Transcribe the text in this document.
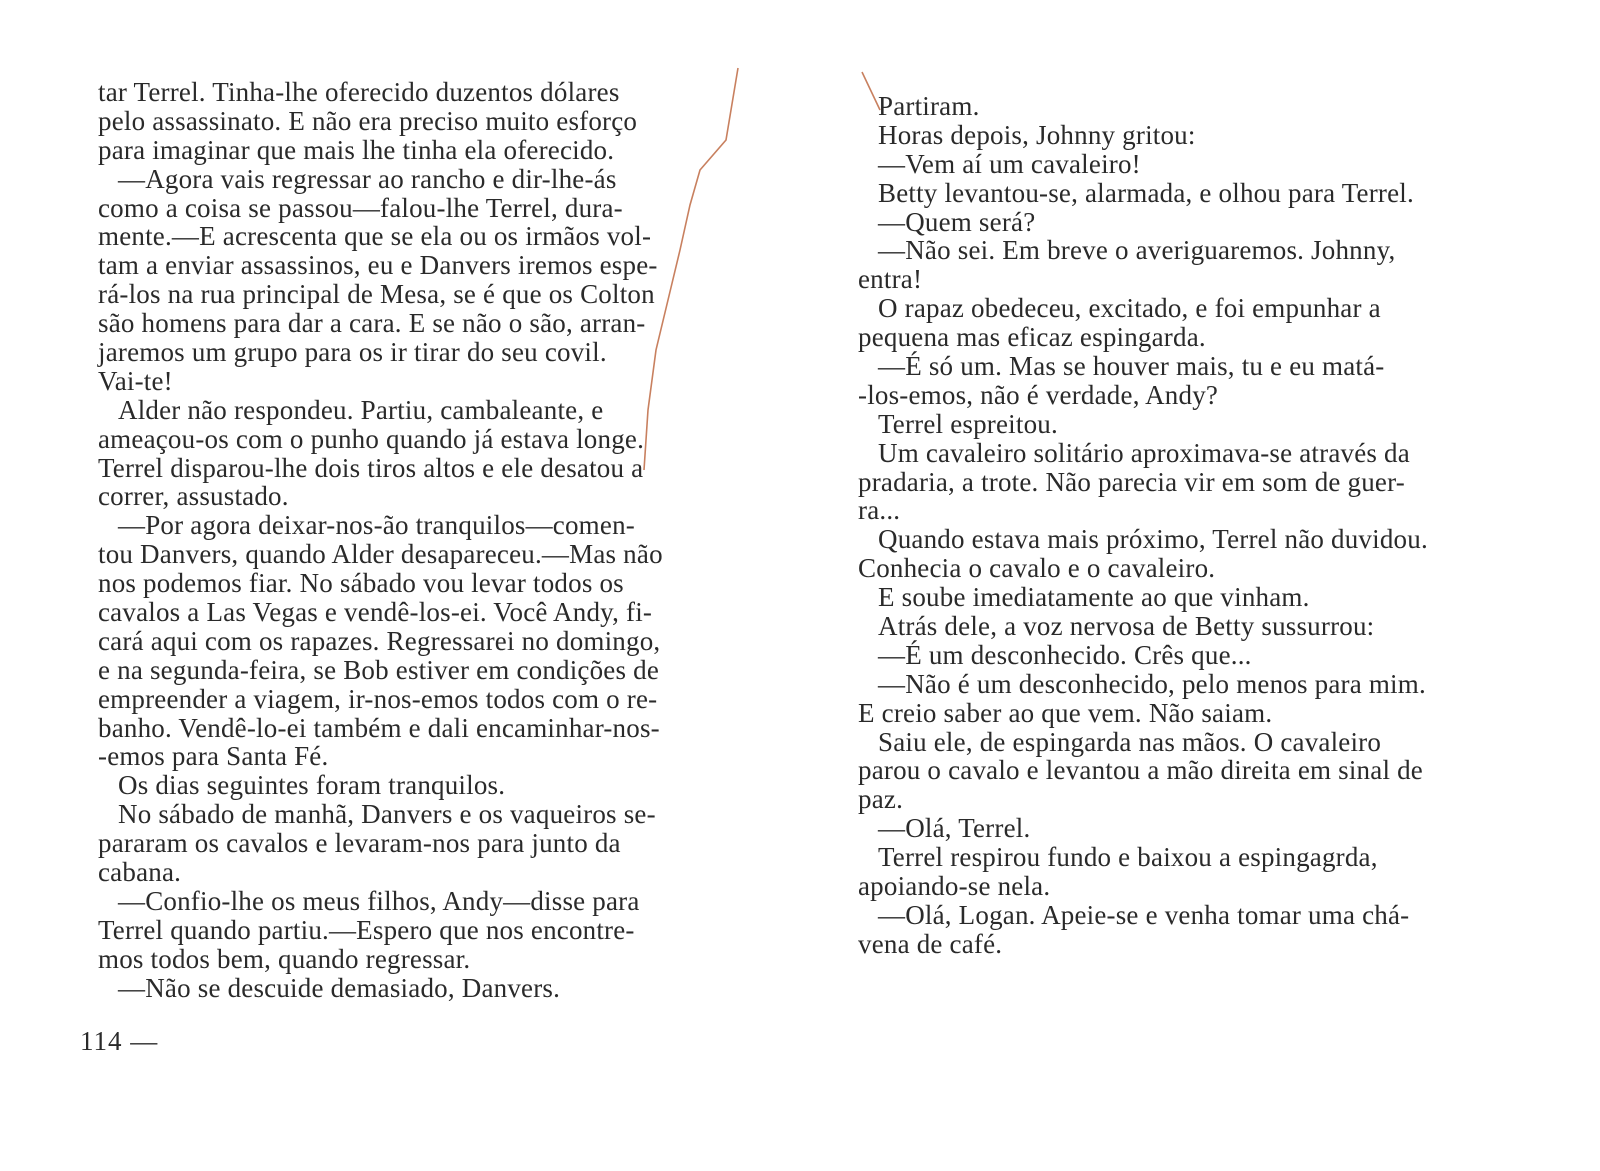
tar Terrel. Tinha-lhe oferecido duzentos dólares
pelo assassinato. E não era preciso muito esforço
para imaginar que mais lhe tinha ela oferecido.
—Agora vais regressar ao rancho e dir-lhe-ás
como a coisa se passou—falou-lhe Terrel, dura-
mente.—E acrescenta que se ela ou os irmãos vol-
tam a enviar assassinos, eu e Danvers iremos espe-
rá-los na rua principal de Mesa, se é que os Colton
são homens para dar a cara. E se não o são, arran-
jaremos um grupo para os ir tirar do seu covil.
Vai-te!
Alder não respondeu. Partiu, cambaleante, e
ameaçou-os com o punho quando já estava longe.
Terrel disparou-lhe dois tiros altos e ele desatou a
correr, assustado.
—Por agora deixar-nos-ão tranquilos—comen-
tou Danvers, quando Alder desapareceu.—Mas não
nos podemos fiar. No sábado vou levar todos os
cavalos a Las Vegas e vendê-los-ei. Você Andy, fi-
cará aqui com os rapazes. Regressarei no domingo,
e na segunda-feira, se Bob estiver em condições de
empreender a viagem, ir-nos-emos todos com o re-
banho. Vendê-lo-ei também e dali encaminhar-nos-
-emos para Santa Fé.
Os dias seguintes foram tranquilos.
No sábado de manhã, Danvers e os vaqueiros se-
pararam os cavalos e levaram-nos para junto da
cabana.
—Confio-lhe os meus filhos, Andy—disse para
Terrel quando partiu.—Espero que nos encontre-
mos todos bem, quando regressar.
—Não se descuide demasiado, Danvers.
114 —
Partiram.
Horas depois, Johnny gritou:
—Vem aí um cavaleiro!
Betty levantou-se, alarmada, e olhou para Terrel.
—Quem será?
—Não sei. Em breve o averiguaremos. Johnny,
entra!
O rapaz obedeceu, excitado, e foi empunhar a
pequena mas eficaz espingarda.
—É só um. Mas se houver mais, tu e eu matá-
-los-emos, não é verdade, Andy?
Terrel espreitou.
Um cavaleiro solitário aproximava-se através da
pradaria, a trote. Não parecia vir em som de guer-
ra...
Quando estava mais próximo, Terrel não duvidou.
Conhecia o cavalo e o cavaleiro.
E soube imediatamente ao que vinham.
Atrás dele, a voz nervosa de Betty sussurrou:
—É um desconhecido. Crês que...
—Não é um desconhecido, pelo menos para mim.
E creio saber ao que vem. Não saiam.
Saiu ele, de espingarda nas mãos. O cavaleiro
parou o cavalo e levantou a mão direita em sinal de
paz.
—Olá, Terrel.
Terrel respirou fundo e baixou a espingagrda,
apoiando-se nela.
—Olá, Logan. Apeie-se e venha tomar uma chá-
vena de café.
